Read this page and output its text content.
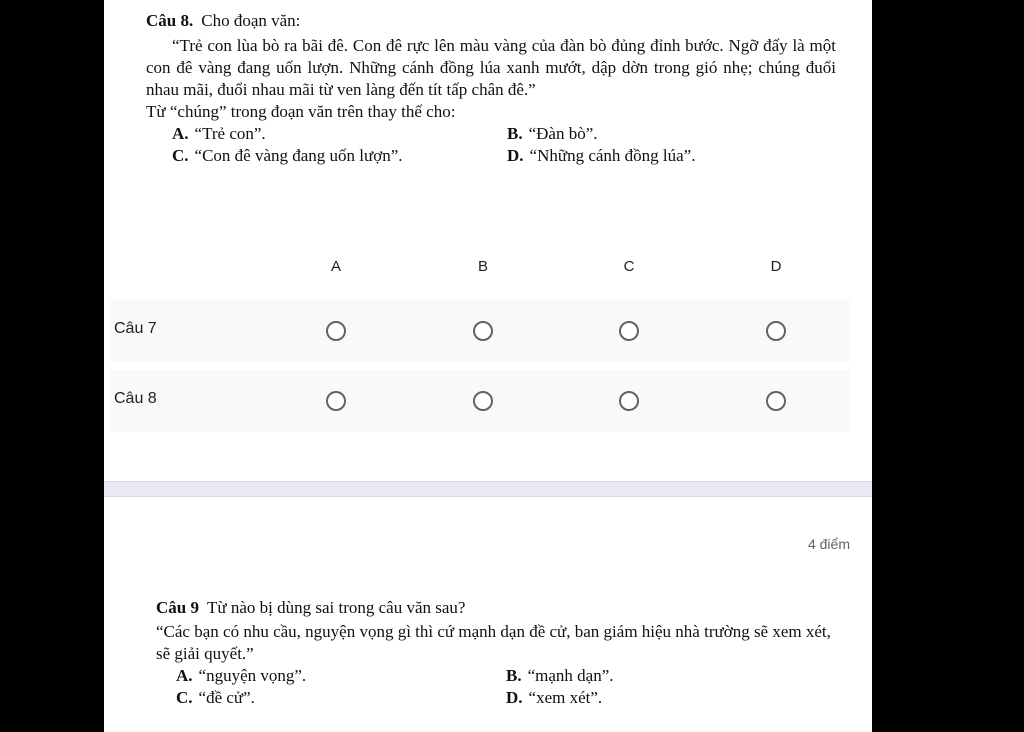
Câu 8. Cho đoạn văn:
“Trẻ con lùa bò ra bãi đê. Con đê rực lên màu vàng của đàn bò đủng đỉnh bước. Ngỡ đấy là một con đê vàng đang uốn lượn. Những cánh đồng lúa xanh mướt, dập dờn trong gió nhẹ; chúng đuổi nhau mãi, đuổi nhau mãi từ ven làng đến tít tấp chân đê.”
Từ “chúng” trong đoạn văn trên thay thế cho:
A. “Trẻ con”.	B. “Đàn bò”.
C. “Con đê vàng đang uốn lượn”.	D. “Những cánh đồng lúa”.
A	B	C	D
Câu 7
Câu 8
4 điểm
Câu 9 Từ nào bị dùng sai trong câu văn sau?
“Các bạn có nhu cầu, nguyện vọng gì thì cứ mạnh dạn đề cử, ban giám hiệu nhà trường sẽ xem xét, sẽ giải quyết.”
A. “nguyện vọng”.	B. “mạnh dạn”.
C. “đề cử”.	D. “xem xét”.
